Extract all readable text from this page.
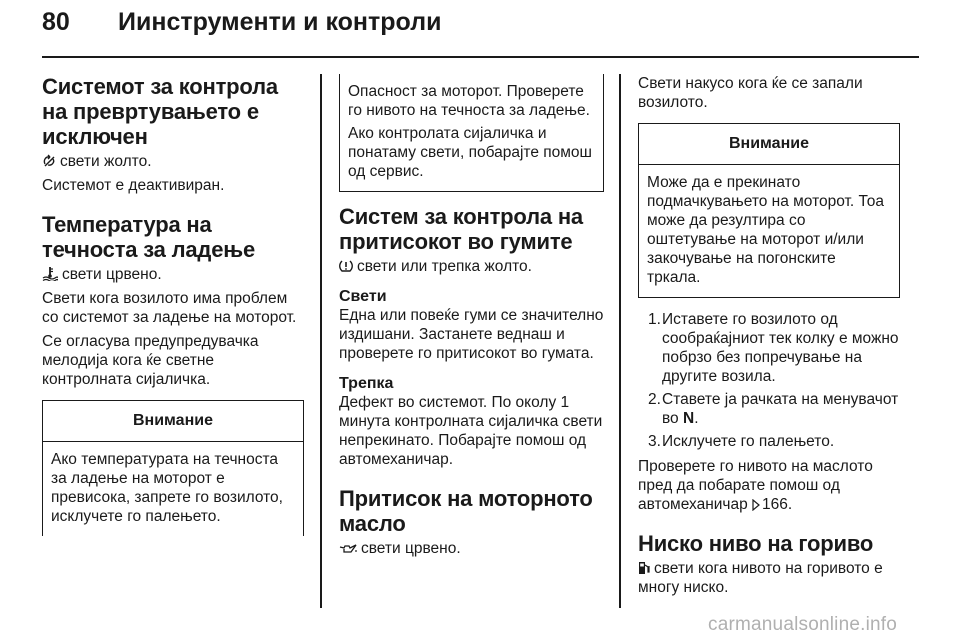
80 Иинструменти и контроли
Системот за контрола на превртувањето е исключен

свети жолто.

Системот е деактивиран.

Температура на течноста за ладење

свети црвено.

Свети кога возилото има проблем со системот за ладење на моторот.

Се огласува предупредувачка мелодија кога ќе светне контролната сијаличка.

Внимание

Ако температурата на течноста за ладење на моторот е превисока, запрете го возилото, исклучете го палењето.

Опасност за моторот. Проверете го нивото на течноста за ладење.

Ако контролата сијаличка и понатаму свети, побарајте помош од сервис.

Систем за контрола на притисокот во гумите

свети или трепка жолто.

Свети

Една или повеќе гуми се значително издишани. Застанете веднаш и проверете го притисокот во гумата.

Трепка

Дефект во системот. По околу 1 минута контролната сијаличка свети непрекинато. Побарајте помош од автомеханичар.

Притисок на моторното масло

свети црвено.

Свети накусо кога ќе се запали возилото.

Внимание

Може да е прекинато подмачкувањето на моторот. Тоа може да резултира со оштетување на моторот и/или закочување на погонските тркала.

1. Иставете го возилото од сообраќајниот тек колку е можно побрзо без попречување на другите возила.
2. Ставете ја рачката на менувачот во N.
3. Исклучете го палењето.

Проверете го нивото на маслото пред да побарате помош од автомеханичар 166.

Ниско ниво на гориво

свети кога нивото на горивото е многу ниско.

carmanualsonline.info
